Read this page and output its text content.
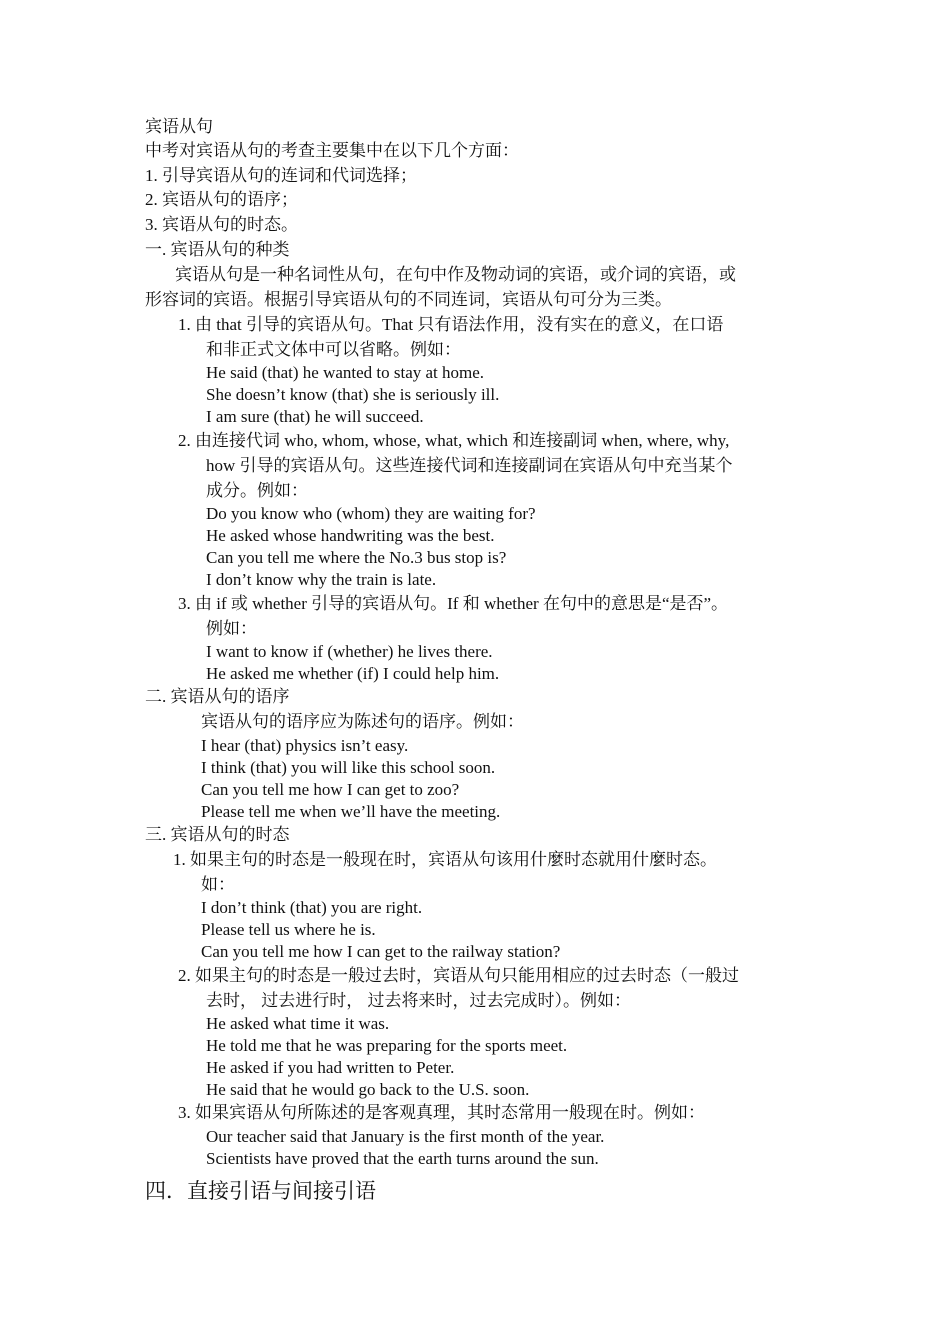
宾语从句
中考对宾语从句的考查主要集中在以下几个方面：
1. 引导宾语从句的连词和代词选择；
2. 宾语从句的语序；
3. 宾语从句的时态。
一. 宾语从句的种类
宾语从句是一种名词性从句，在句中作及物动词的宾语，或介词的宾语，或
形容词的宾语。根据引导宾语从句的不同连词，宾语从句可分为三类。
1. 由 that 引导的宾语从句。That 只有语法作用，没有实在的意义，在口语
和非正式文体中可以省略。例如：
He said (that) he wanted to stay at home.
She doesn’t know (that) she is seriously ill.
I am sure (that) he will succeed.
2. 由连接代词 who, whom, whose, what, which 和连接副词 when, where, why,
how 引导的宾语从句。这些连接代词和连接副词在宾语从句中充当某个
成分。例如：
Do you know who (whom) they are waiting for?
He asked whose handwriting was the best.
Can you tell me where the No.3 bus stop is?
I don’t know why the train is late.
3. 由 if 或 whether 引导的宾语从句。If 和 whether 在句中的意思是“是否”。
例如：
I want to know if (whether) he lives there.
He asked me whether (if) I could help him.
二. 宾语从句的语序
宾语从句的语序应为陈述句的语序。例如：
I hear (that) physics isn’t easy.
I think (that) you will like this school soon.
Can you tell me how I can get to zoo?
Please tell me when we’ll have the meeting.
三. 宾语从句的时态
1. 如果主句的时态是一般现在时，宾语从句该用什麼时态就用什麼时态。
如：
I don’t think (that) you are right.
Please tell us where he is.
Can you tell me how I can get to the railway station?
2. 如果主句的时态是一般过去时，宾语从句只能用相应的过去时态（一般过
去时， 过去进行时， 过去将来时，过去完成时）。例如：
He asked what time it was.
He told me that he was preparing for the sports meet.
He asked if you had written to Peter.
He said that he would go back to the U.S. soon.
3. 如果宾语从句所陈述的是客观真理，其时态常用一般现在时。例如：
Our teacher said that January is the first month of the year.
Scientists have proved that the earth turns around the sun.
四．直接引语与间接引语
